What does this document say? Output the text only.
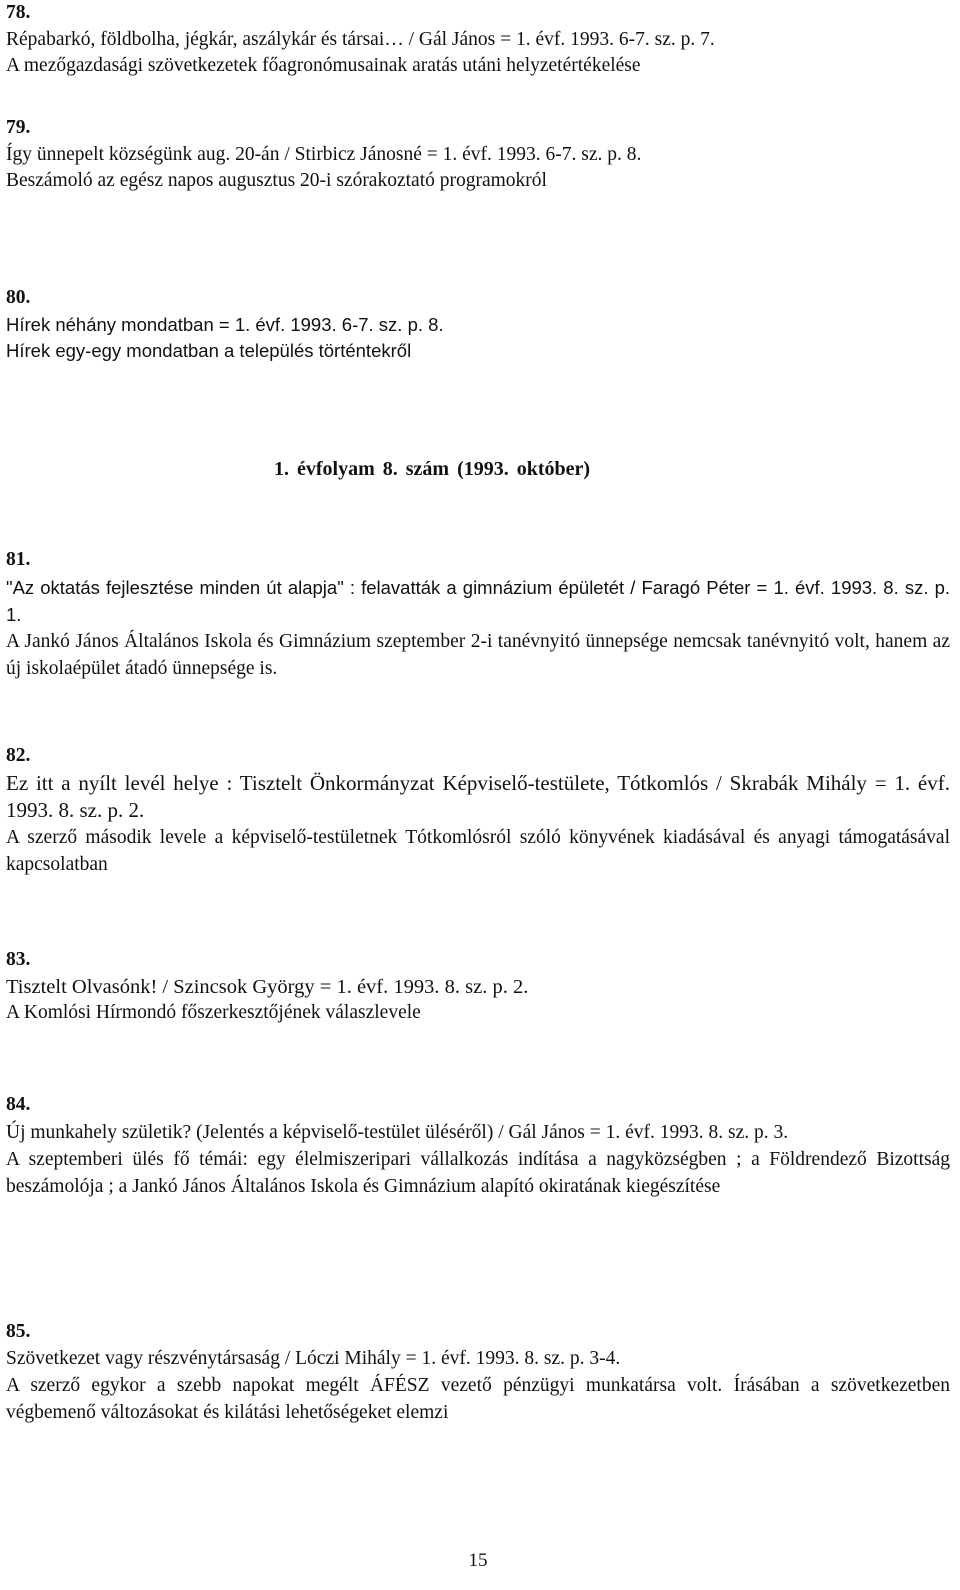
78.
Répabarkó, földbolha, jégkár, aszálykár és társai… / Gál János = 1. évf. 1993. 6-7. sz. p. 7.
A mezőgazdasági szövetkezetek főagronómusainak aratás utáni helyzetértékelése
79.
Így ünnepelt községünk aug. 20-án / Stirbicz Jánosné = 1. évf. 1993. 6-7. sz. p. 8.
Beszámoló az egész napos augusztus 20-i szórakoztató programokról
80.
Hírek néhány mondatban = 1. évf. 1993. 6-7. sz. p. 8.
Hírek egy-egy mondatban a település történtekről
1. évfolyam 8. szám (1993. október)
81.
"Az oktatás fejlesztése minden út alapja" : felavatták a gimnázium épületét / Faragó Péter = 1. évf. 1993. 8. sz. p. 1.
A Jankó János Általános Iskola és Gimnázium szeptember 2-i tanévnyitó ünnepsége nemcsak tanévnyitó volt, hanem az új iskolaépület átadó ünnepsége is.
82.
Ez itt a nyílt levél helye : Tisztelt Önkormányzat Képviselő-testülete, Tótkomlós / Skrabák Mihály = 1. évf. 1993. 8. sz. p. 2.
A szerző második levele a képviselő-testületnek Tótkomlósról szóló könyvének kiadásával és anyagi támogatásával kapcsolatban
83.
Tisztelt Olvasónk! / Szincsok György = 1. évf. 1993. 8. sz. p. 2.
A Komlósi Hírmondó főszerkesztőjének válaszlevele
84.
Új munkahely születik? (Jelentés a képviselő-testület üléséről) / Gál János = 1. évf. 1993. 8. sz. p. 3.
A szeptemberi ülés fő témái: egy élelmiszeripari vállalkozás indítása a nagyközségben ; a Földrendező Bizottság beszámolója ; a Jankó János Általános Iskola és Gimnázium alapító okiratának kiegészítése
85.
Szövetkezet vagy részvénytársaság / Lóczi Mihály = 1. évf. 1993. 8. sz. p. 3-4.
A szerző egykor a szebb napokat megélt ÁFÉSZ vezető pénzügyi munkatársa volt. Írásában a szövetkezetben végbemenő változásokat és kilátási lehetőségeket elemzi
15
